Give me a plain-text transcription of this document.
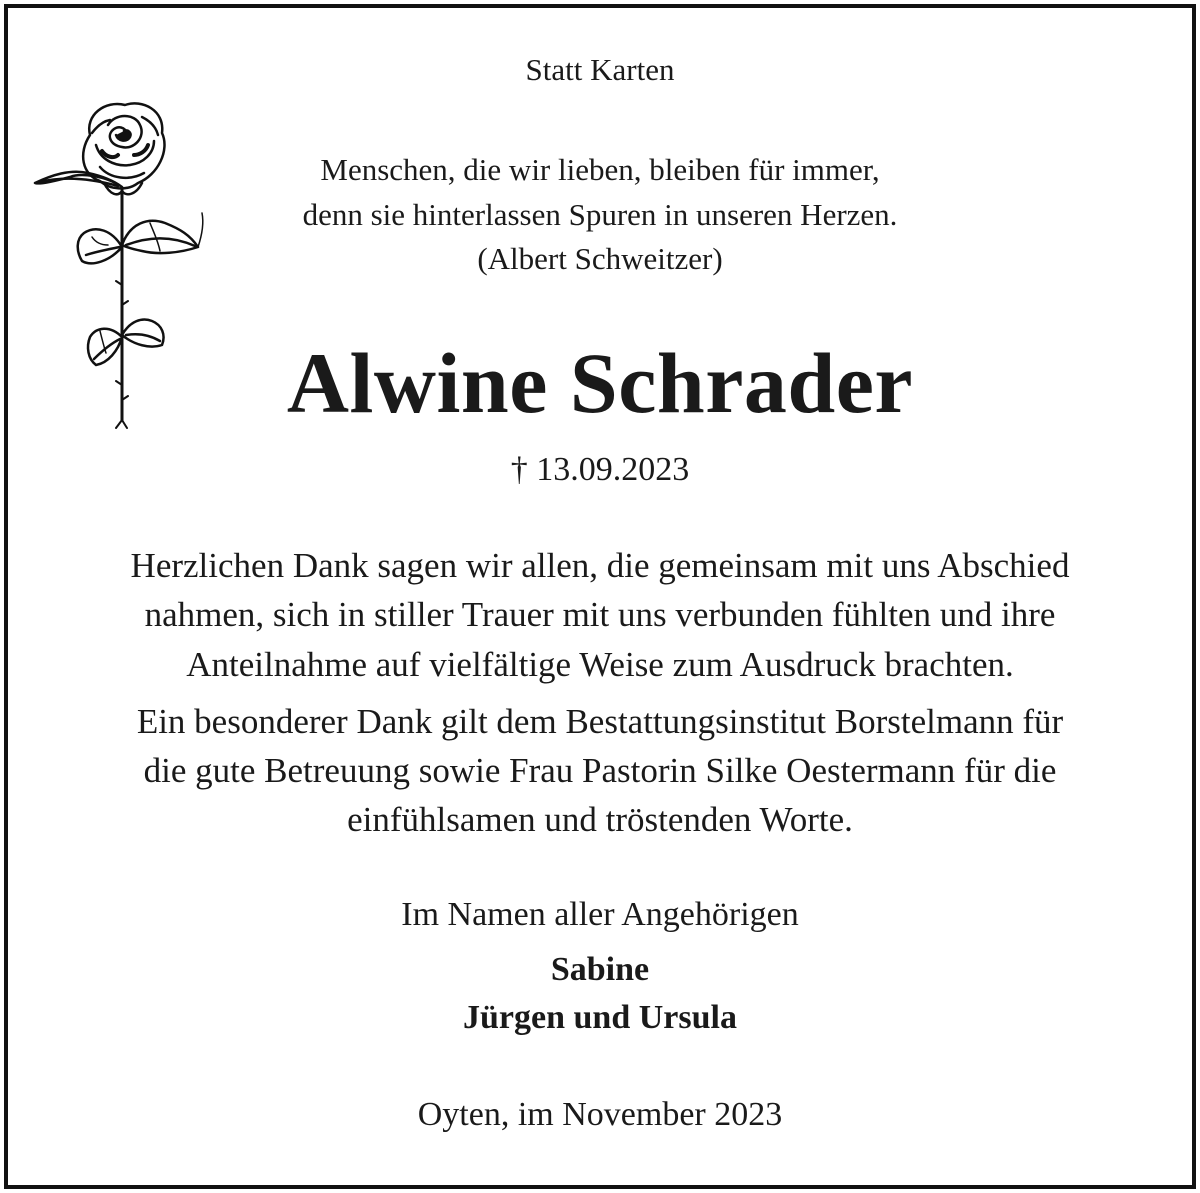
Statt Karten
Menschen, die wir lieben, bleiben für immer,
denn sie hinterlassen Spuren in unseren Herzen.
(Albert Schweitzer)
Alwine Schrader
† 13.09.2023
Herzlichen Dank sagen wir allen, die gemeinsam mit uns Abschied
nahmen, sich in stiller Trauer mit uns verbunden fühlten und ihre
Anteilnahme auf vielfältige Weise zum Ausdruck brachten.
Ein besonderer Dank gilt dem Bestattungsinstitut Borstelmann für
die gute Betreuung sowie Frau Pastorin Silke Oestermann für die
einfühlsamen und tröstenden Worte.
Im Namen aller Angehörigen
Sabine
Jürgen und Ursula
Oyten, im November 2023
